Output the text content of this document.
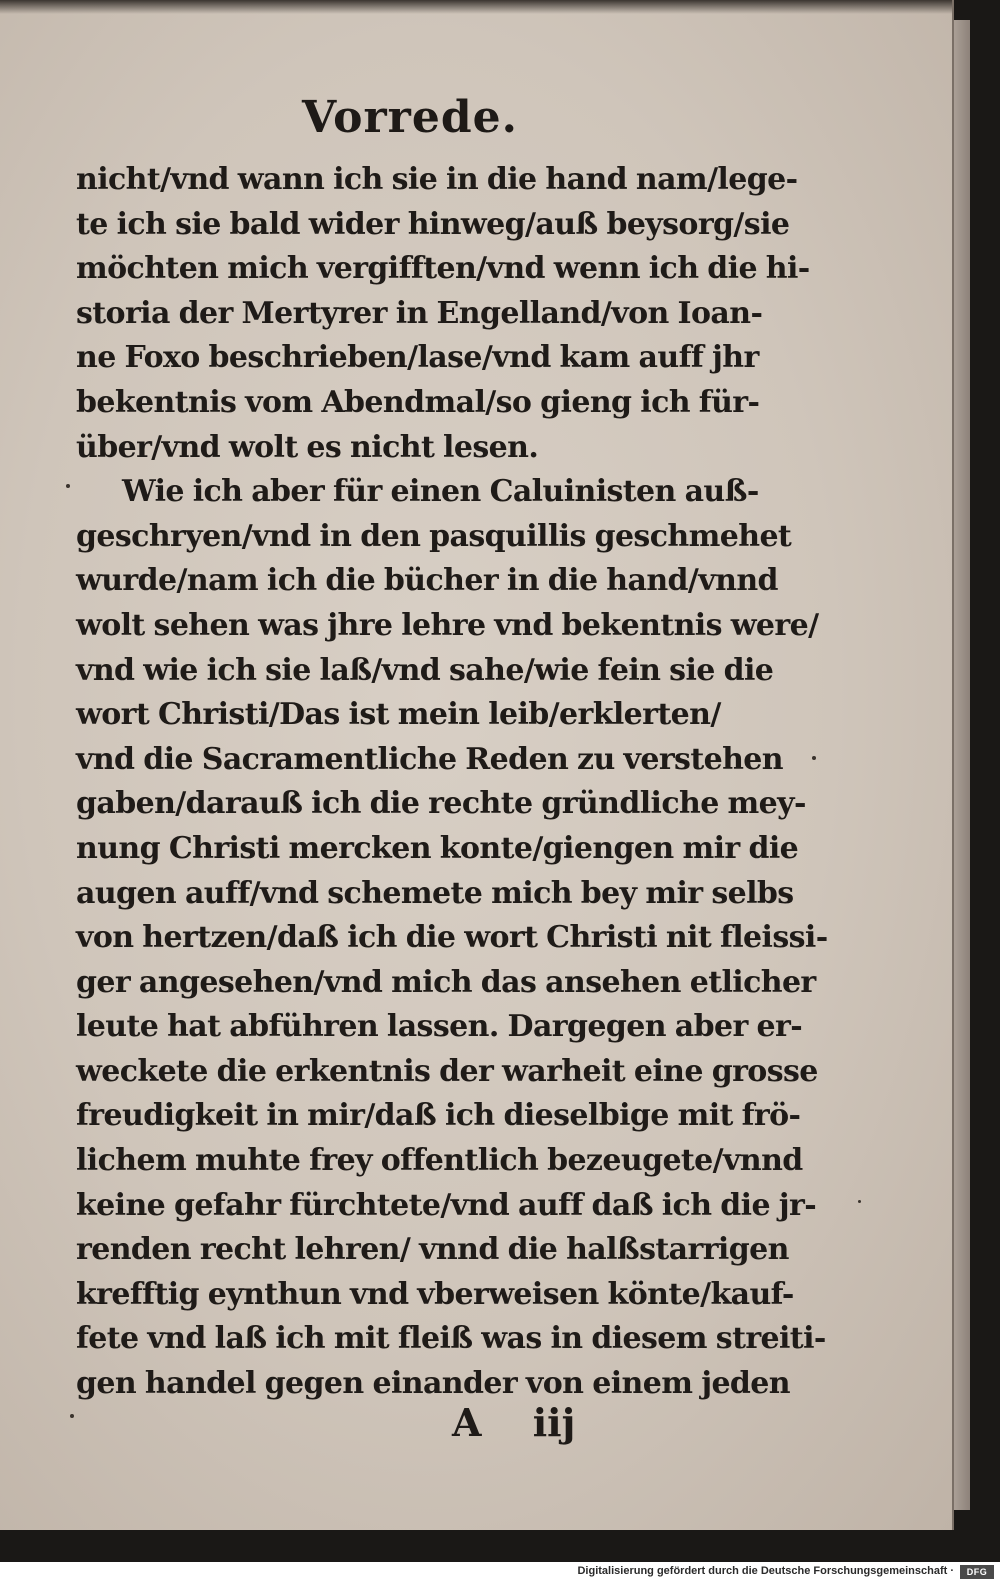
Vorrede.
nicht/vnd wann ich sie in die hand nam/lege-
te ich sie bald wider hinweg/auß beysorg/sie
möchten mich vergifften/vnd wenn ich die hi-
storia der Mertyrer in Engelland/von Ioan-
ne Foxo beschrieben/lase/vnd kam auff jhr
bekentnis vom Abendmal/so gieng ich für-
über/vnd wolt es nicht lesen.
Wie ich aber für einen Caluinisten auß-
geschryen/vnd in den pasquillis geschmehet
wurde/nam ich die bücher in die hand/vnnd
wolt sehen was jhre lehre vnd bekentnis were/
vnd wie ich sie laß/vnd sahe/wie fein sie die
wort Christi/Das ist mein leib/erklerten/
vnd die Sacramentliche Reden zu verstehen
gaben/darauß ich die rechte gründliche mey-
nung Christi mercken konte/giengen mir die
augen auff/vnd schemete mich bey mir selbs
von hertzen/daß ich die wort Christi nit fleissi-
ger angesehen/vnd mich das ansehen etlicher
leute hat abführen lassen. Dargegen aber er-
weckete die erkentnis der warheit eine grosse
freudigkeit in mir/daß ich dieselbige mit frö-
lichem muhte frey offentlich bezeugete/vnnd
keine gefahr fürchtete/vnd auff daß ich die jr-
renden recht lehren/ vnnd die halßstarrigen
krefftig eynthun vnd vberweisen könte/kauf-
fete vnd laß ich mit fleiß was in diesem streiti-
gen handel gegen einander von einem jeden
A iij
Digitalisierung gefördert durch die Deutsche Forschungsgemeinschaft ·	DFG
